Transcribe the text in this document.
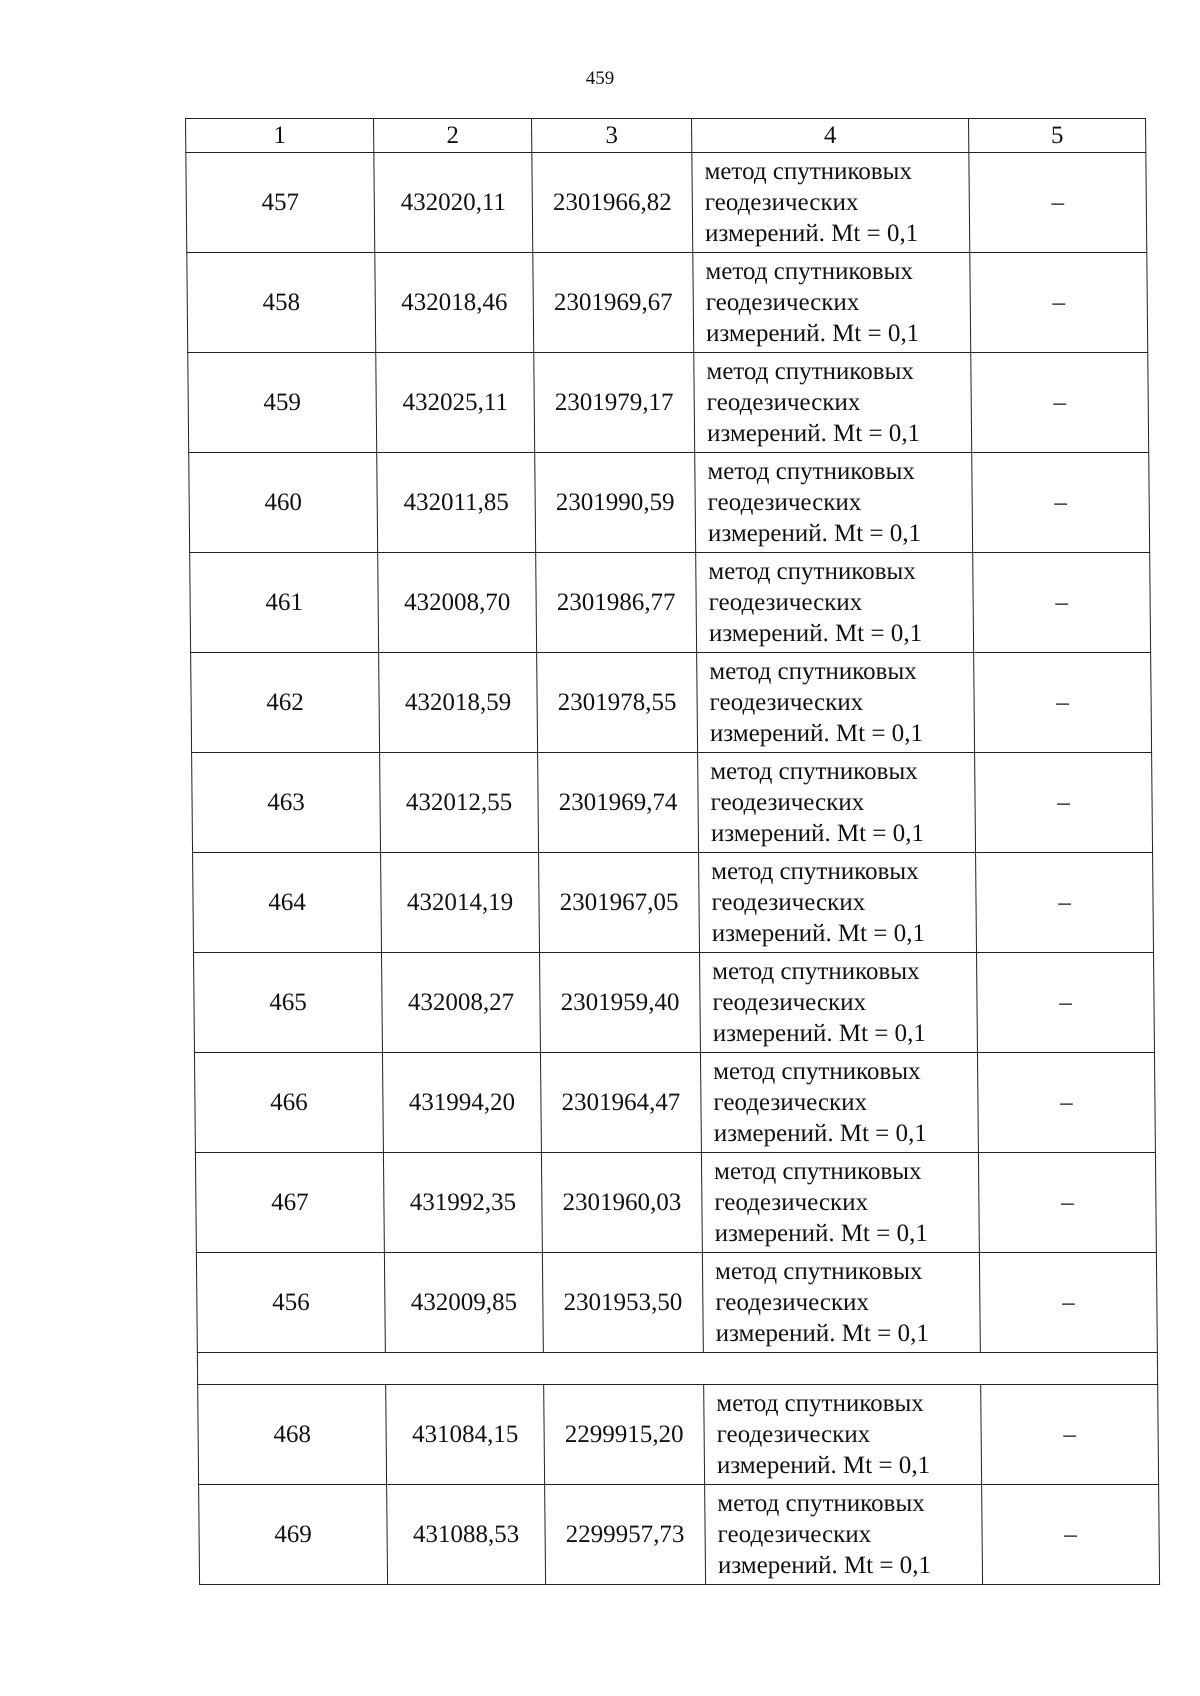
459
1	2	3	4	5
457	432020,11	2301966,82	метод спутниковых
геодезических
измерений. Mt = 0,1	–
458	432018,46	2301969,67	метод спутниковых
геодезических
измерений. Mt = 0,1	–
459	432025,11	2301979,17	метод спутниковых
геодезических
измерений. Mt = 0,1	–
460	432011,85	2301990,59	метод спутниковых
геодезических
измерений. Mt = 0,1	–
461	432008,70	2301986,77	метод спутниковых
геодезических
измерений. Mt = 0,1	–
462	432018,59	2301978,55	метод спутниковых
геодезических
измерений. Mt = 0,1	–
463	432012,55	2301969,74	метод спутниковых
геодезических
измерений. Mt = 0,1	–
464	432014,19	2301967,05	метод спутниковых
геодезических
измерений. Mt = 0,1	–
465	432008,27	2301959,40	метод спутниковых
геодезических
измерений. Mt = 0,1	–
466	431994,20	2301964,47	метод спутниковых
геодезических
измерений. Mt = 0,1	–
467	431992,35	2301960,03	метод спутниковых
геодезических
измерений. Mt = 0,1	–
456	432009,85	2301953,50	метод спутниковых
геодезических
измерений. Mt = 0,1	–

468	431084,15	2299915,20	метод спутниковых
геодезических
измерений. Mt = 0,1	–
469	431088,53	2299957,73	метод спутниковых
геодезических
измерений. Mt = 0,1	–
